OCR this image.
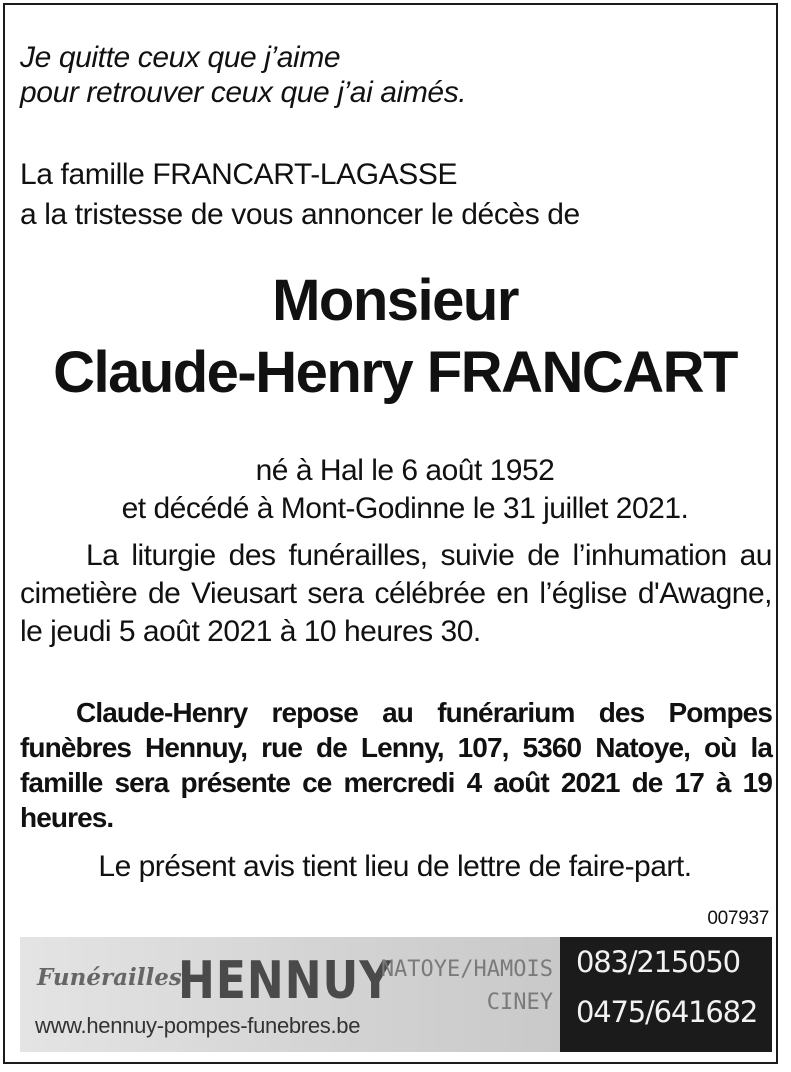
Je quitte ceux que j’aime
pour retrouver ceux que j’ai aimés.
La famille FRANCART-LAGASSE
a la tristesse de vous annoncer le décès de
Monsieur
Claude-Henry FRANCART
né à Hal le 6 août 1952
et décédé à Mont-Godinne le 31 juillet 2021.
La liturgie des funérailles, suivie de l’inhumation au cimetière de Vieusart sera célébrée en l’église d'Awagne, le jeudi 5 août 2021 à 10 heures 30.
Claude-Henry repose au funérarium des Pompes funèbres Hennuy, rue de Lenny, 107, 5360 Natoye, où la famille sera présente ce mercredi 4 août 2021 de 17 à 19 heures.
Le présent avis tient lieu de lettre de faire-part.
007937
Funérailles
HENNUY
NATOYE/HAMOIS
CINEY
www.hennuy-pompes-funebres.be
083/215050
0475/641682
